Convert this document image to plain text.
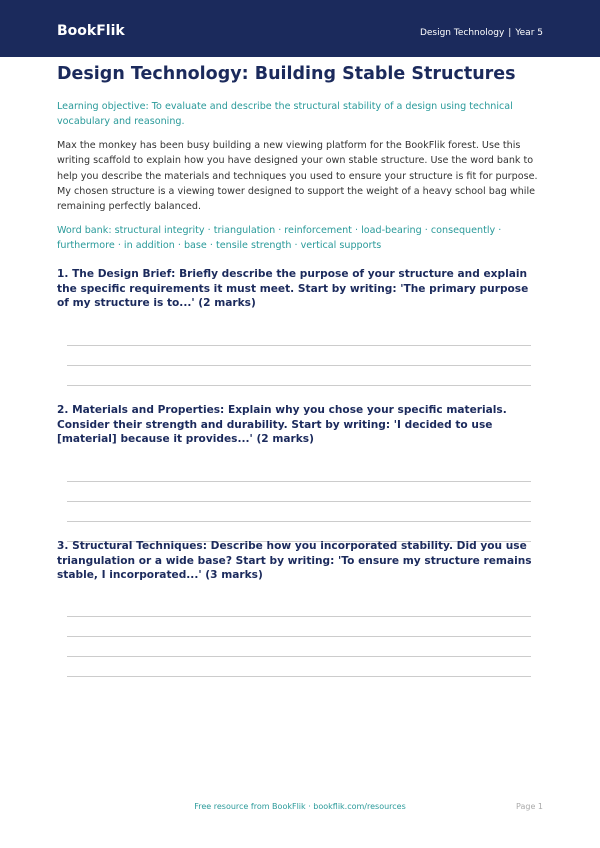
BookFlik	Design Technology | Year 5
Design Technology: Building Stable Structures

Learning objective: To evaluate and describe the structural stability of a design using technical vocabulary and reasoning.

Max the monkey has been busy building a new viewing platform for the BookFlik forest. Use this writing scaffold to explain how you have designed your own stable structure. Use the word bank to help you describe the materials and techniques you used to ensure your structure is fit for purpose.

My chosen structure is a viewing tower designed to support the weight of a heavy school bag while remaining perfectly balanced.

Word bank: structural integrity · triangulation · reinforcement · load-bearing · consequently · furthermore · in addition · base · tensile strength · vertical supports

1. The Design Brief: Briefly describe the purpose of your structure and explain the specific requirements it must meet. Start by writing: 'The primary purpose of my structure is to...' (2 marks)

2. Materials and Properties: Explain why you chose your specific materials. Consider their strength and durability. Start by writing: 'I decided to use [material] because it provides...' (2 marks)

3. Structural Techniques: Describe how you incorporated stability. Did you use triangulation or a wide base? Start by writing: 'To ensure my structure remains stable, I incorporated...' (3 marks)

Free resource from BookFlik · bookflik.com/resources	Page 1
